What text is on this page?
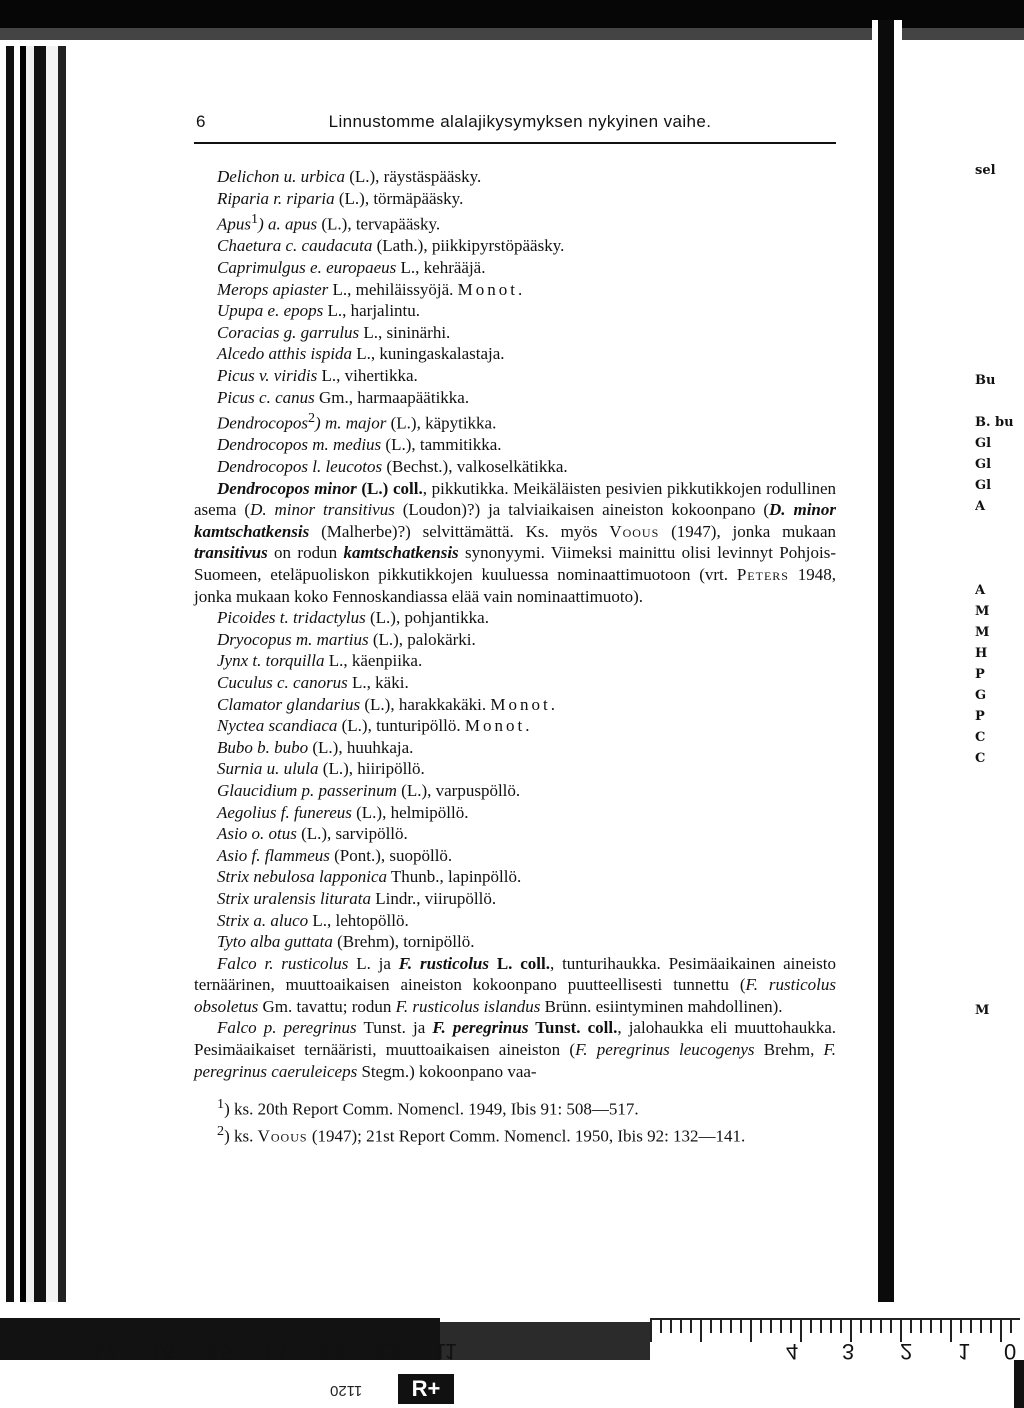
0
1
2
3
4
11
12
13
14
15
16
17
1120	R+
sel
Bu
B. bu
Gl
Gl
Gl
A
A
M
M
H
P
G
P
C
C
M
6	Linnustomme alalajikysymyksen nykyinen vaihe.

Delichon u. urbica (L.), räystäspääsky.

Riparia r. riparia (L.), törmäpääsky.

Apus$^1$) a. apus (L.), tervapääsky.

Chaetura c. caudacuta (Lath.), piikkipyrstöpääsky.

Caprimulgus e. europaeus L., kehrääjä.

Merops apiaster L., mehiläissyöjä. Monot.

Upupa e. epops L., harjalintu.

Coracias g. garrulus L., sininärhi.

Alcedo atthis ispida L., kuningaskalastaja.

Picus v. viridis L., vihertikka.

Picus c. canus Gm., harmaapäätikka.

Dendrocopos$^2$) m. major (L.), käpytikka.

Dendrocopos m. medius (L.), tammitikka.

Dendrocopos l. leucotos (Bechst.), valkoselkätikka.

Dendrocopos minor (L.) coll., pikkutikka. Meikäläisten pesivien pikkutikkojen rodullinen asema (D. minor transitivus (Loudon)?) ja talviaikaisen aineiston kokoonpano (D. minor kamtschatkensis (Malherbe)?) selvittämättä. Ks. myös Voous (1947), jonka mukaan transitivus on rodun kamtschatkensis synonyymi. Viimeksi mainittu olisi levinnyt Pohjois-Suomeen, eteläpuoliskon pikkutikkojen kuuluessa nominaattimuotoon (vrt. Peters 1948, jonka mukaan koko Fennoskandiassa elää vain nominaattimuoto).

Picoides t. tridactylus (L.), pohjantikka.

Dryocopus m. martius (L.), palokärki.

Jynx t. torquilla L., käenpiika.

Cuculus c. canorus L., käki.

Clamator glandarius (L.), harakkakäki. Monot.

Nyctea scandiaca (L.), tunturipöllö. Monot.

Bubo b. bubo (L.), huuhkaja.

Surnia u. ulula (L.), hiiripöllö.

Glaucidium p. passerinum (L.), varpuspöllö.

Aegolius f. funereus (L.), helmipöllö.

Asio o. otus (L.), sarvipöllö.

Asio f. flammeus (Pont.), suopöllö.

Strix nebulosa lapponica Thunb., lapinpöllö.

Strix uralensis liturata Lindr., viirupöllö.

Strix a. aluco L., lehtopöllö.

Tyto alba guttata (Brehm), tornipöllö.

Falco r. rusticolus L. ja F. rusticolus L. coll., tunturihaukka. Pesimäaikainen aineisto ternäärinen, muuttoaikaisen aineiston kokoonpano puutteellisesti tunnettu (F. rusticolus obsoletus Gm. tavattu; rodun F. rusticolus islandus Brünn. esiintyminen mahdollinen).

Falco p. peregrinus Tunst. ja F. peregrinus Tunst. coll., jalohaukka eli muuttohaukka. Pesimäaikaiset ternääristi, muuttoaikaisen aineiston (F. peregrinus leucogenys Brehm, F. peregrinus caeruleiceps Stegm.) kokoonpano vaa-

$^1$) ks. 20th Report Comm. Nomencl. 1949, Ibis 91: 508—517.

$^2$) ks. Voous (1947); 21st Report Comm. Nomencl. 1950, Ibis 92: 132—141.
